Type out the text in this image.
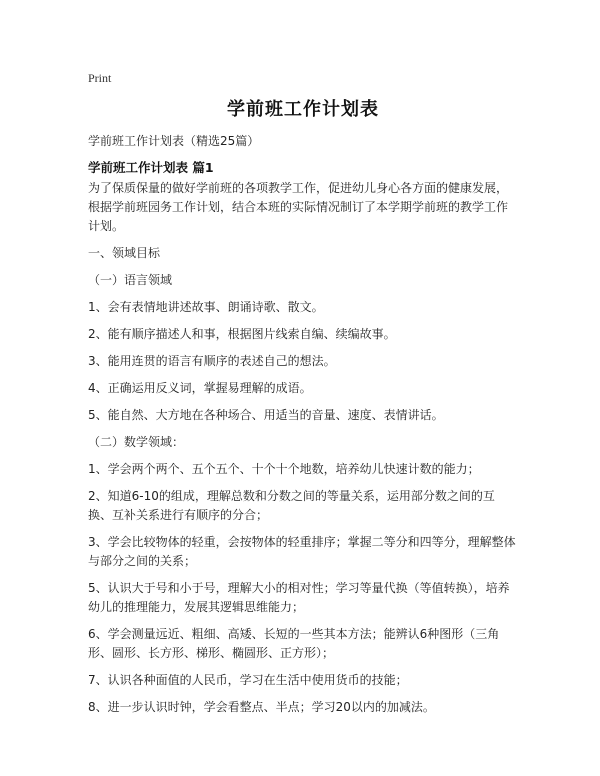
Print
学前班工作计划表
学前班工作计划表（精选25篇）
学前班工作计划表 篇1

为了保质保量的做好学前班的各项教学工作，促进幼儿身心各方面的健康发展，根据学前班园务工作计划，结合本班的实际情况制订了本学期学前班的教学工作计划。

一、领域目标

（一）语言领域

1、会有表情地讲述故事、朗诵诗歌、散文。

2、能有顺序描述人和事，根据图片线索自编、续编故事。

3、能用连贯的语言有顺序的表述自己的想法。

4、正确运用反义词，掌握易理解的成语。

5、能自然、大方地在各种场合、用适当的音量、速度、表情讲话。

（二）数学领域：

1、学会两个两个、五个五个、十个十个地数，培养幼儿快速计数的能力；

2、知道6-10的组成，理解总数和分数之间的等量关系，运用部分数之间的互换、互补关系进行有顺序的分合；

3、学会比较物体的轻重，会按物体的轻重排序；掌握二等分和四等分，理解整体与部分之间的关系；

5、认识大于号和小于号，理解大小的相对性；学习等量代换（等值转换），培养幼儿的推理能力，发展其逻辑思维能力；

6、学会测量远近、粗细、高矮、长短的一些其本方法；能辨认6种图形（三角形、圆形、长方形、梯形、椭圆形、正方形）；

7、认识各种面值的人民币，学习在生活中使用货币的技能；

8、进一步认识时钟，学会看整点、半点；学习20以内的加减法。
